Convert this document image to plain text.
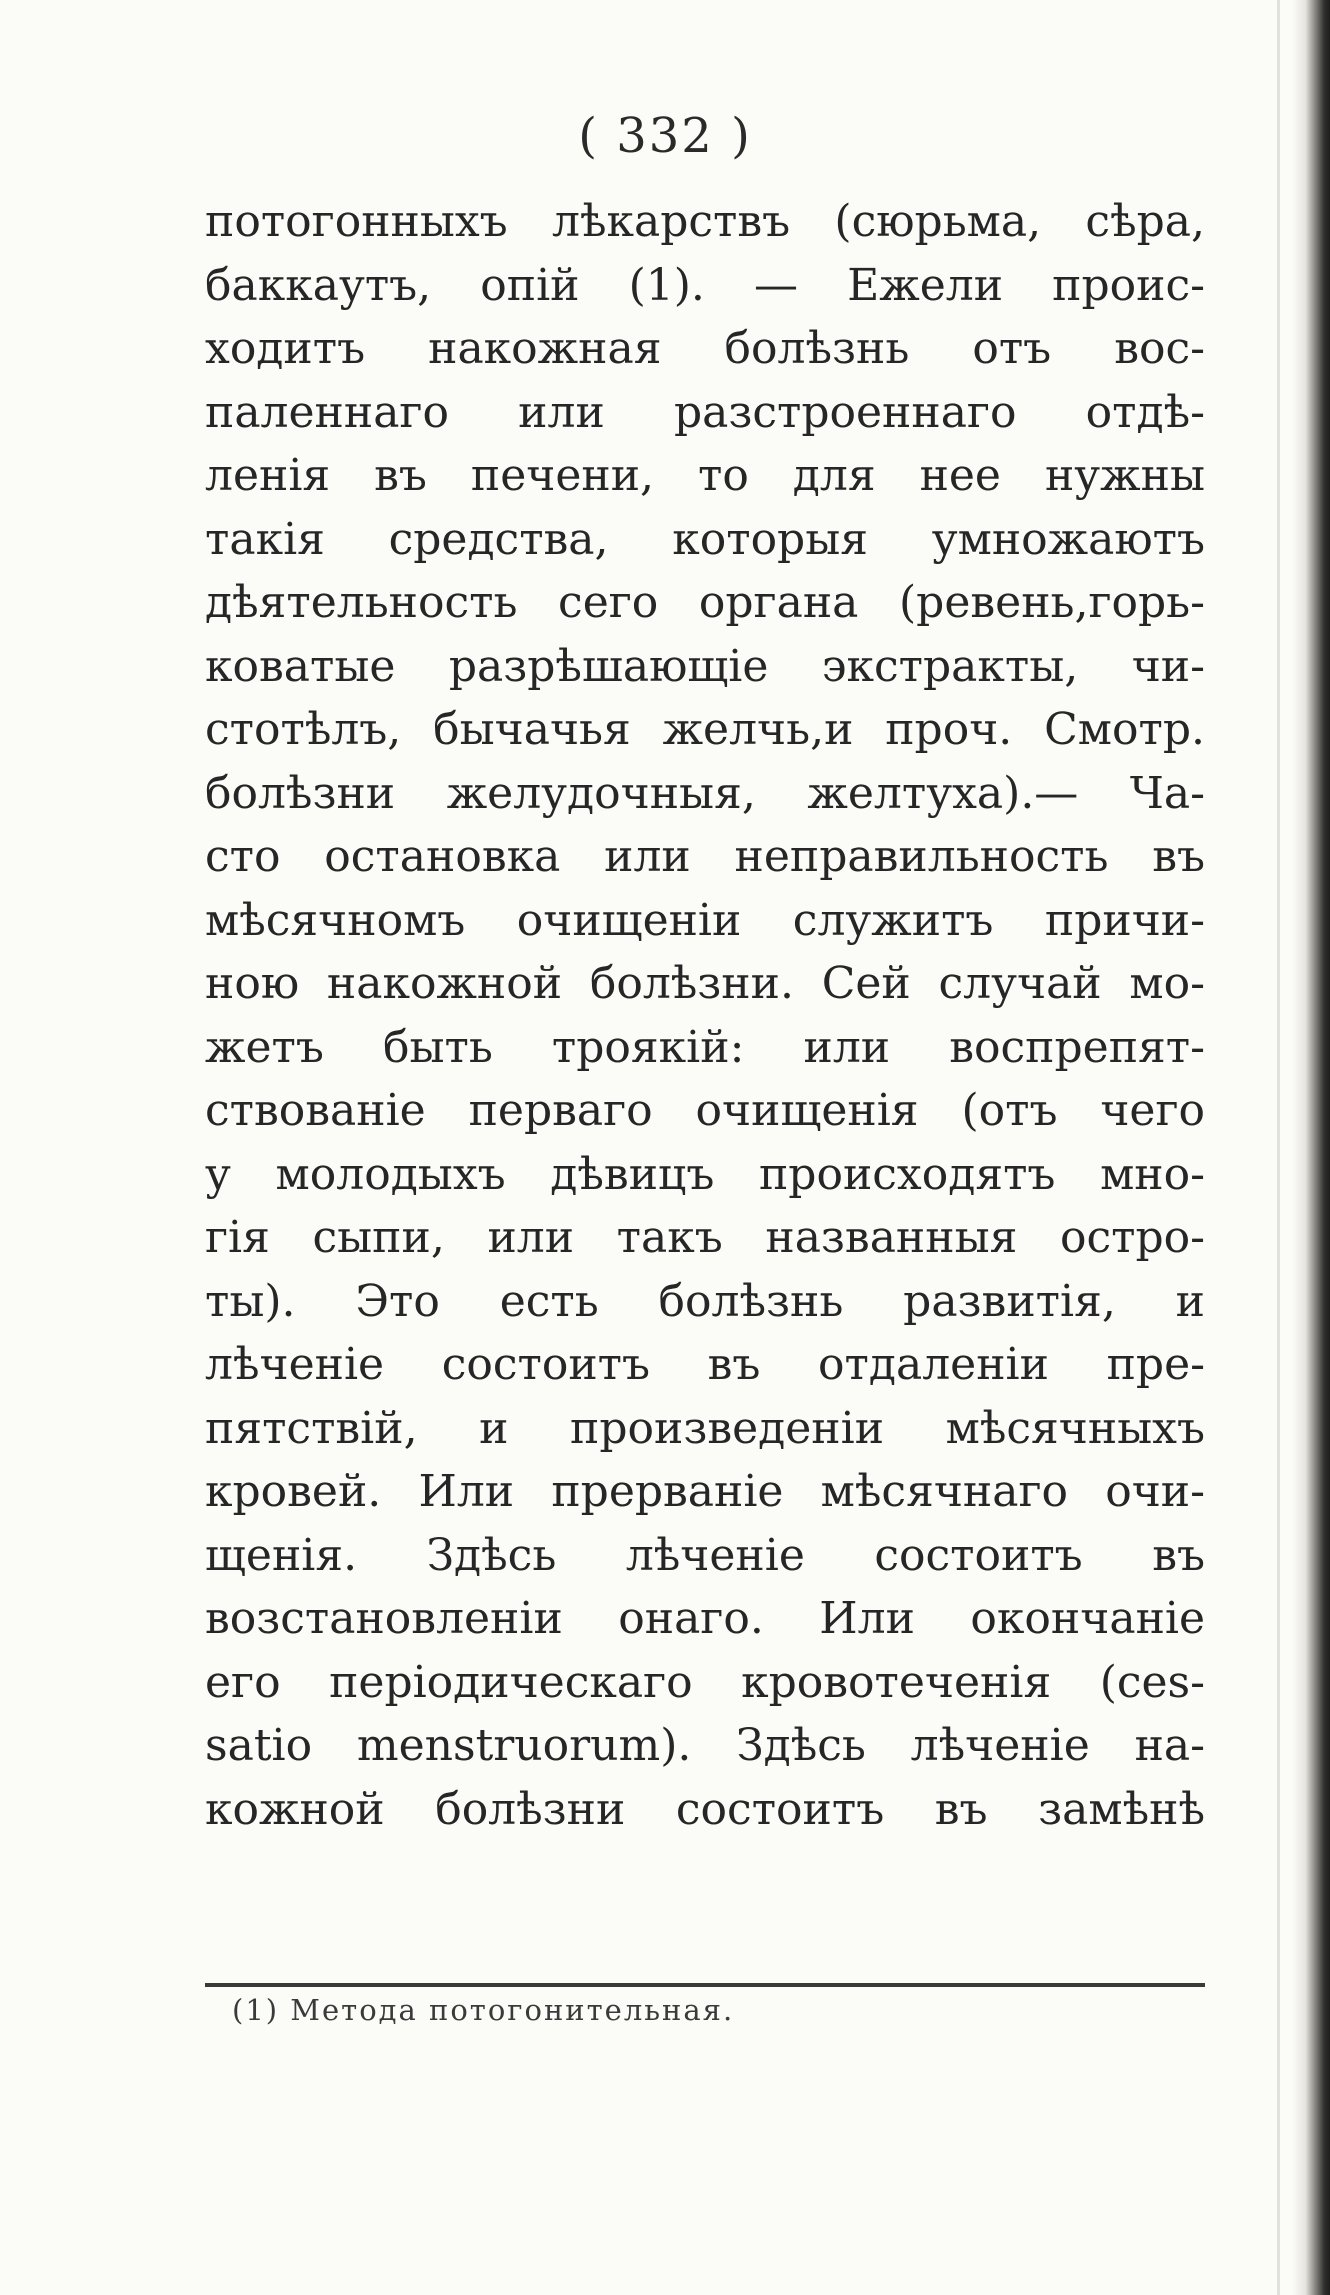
( 332 )
потогонныхъ лѣкарствъ (сюрьма, сѣра,
баккаутъ, опій (1). — Ежели проис-
ходитъ накожная болѣзнь отъ вос-
паленнаго или разстроеннаго отдѣ-
ленія въ печени, то для нее нужны
такія средства, которыя умножаютъ
дѣятельность сего органа (ревень,горь-
коватые разрѣшающіе экстракты, чи-
стотѣлъ, бычачья желчь,и проч. Смотр.
болѣзни желудочныя, желтуха).— Ча-
сто остановка или неправильность въ
мѣсячномъ очищеніи служитъ причи-
ною накожной болѣзни. Сей случай мо-
жетъ быть троякій: или воспрепят-
ствованіе перваго очищенія (отъ чего
у молодыхъ дѣвицъ происходятъ мно-
гія сыпи, или такъ названныя остро-
ты). Это есть болѣзнь развитія, и
лѣченіе состоитъ въ отдаленіи пре-
пятствій, и произведеніи мѣсячныхъ
кровей. Или прерваніе мѣсячнаго очи-
щенія. Здѣсь лѣченіе состоитъ въ
возстановленіи онаго. Или окончаніе
его періодическаго кровотеченія (ces-
satio menstruorum). Здѣсь лѣченіе на-
кожной болѣзни состоитъ въ замѣнѣ
(1) Метода потогонительная.
